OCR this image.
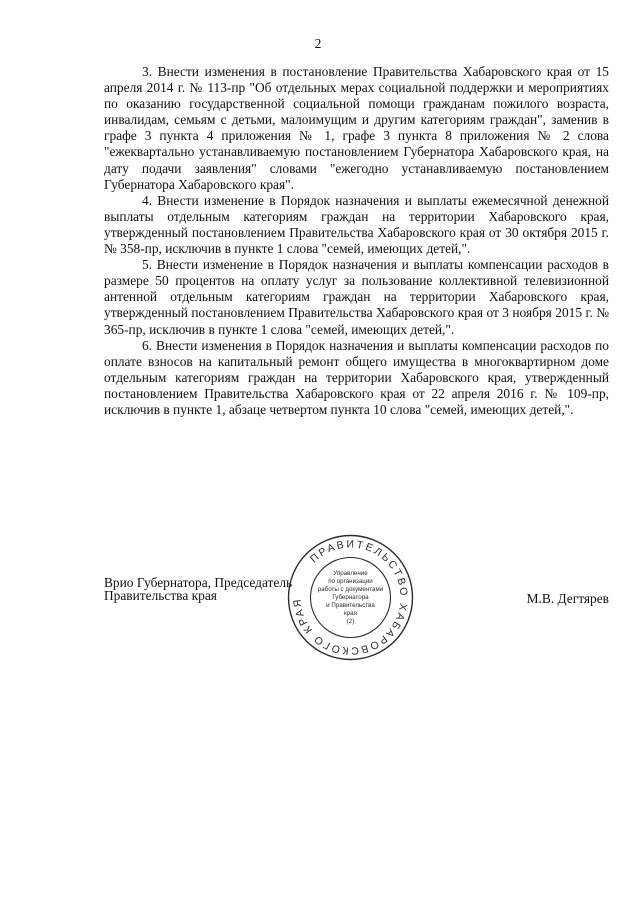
2

3. Внести изменения в постановление Правительства Хабаровского края от 15 апреля 2014 г. № 113-пр "Об отдельных мерах социальной поддержки и мероприятиях по оказанию государственной социальной помощи гражданам пожилого возраста, инвалидам, семьям с детьми, малоимущим и другим категориям граждан", заменив в графе 3 пункта 4 приложения № 1, графе 3 пункта 8 приложения № 2 слова "ежеквартально устанавливаемую постановлением Губернатора Хабаровского края, на дату подачи заявления" словами "ежегодно устанавливаемую постановлением Губернатора Хабаровского края".

4. Внести изменение в Порядок назначения и выплаты ежемесячной денежной выплаты отдельным категориям граждан на территории Хабаровского края, утвержденный постановлением Правительства Хабаровского края от 30 октября 2015 г. № 358-пр, исключив в пункте 1 слова "семей, имеющих детей,".

5. Внести изменение в Порядок назначения и выплаты компенсации расходов в размере 50 процентов на оплату услуг за пользование коллективной телевизионной антенной отдельным категориям граждан на территории Хабаровского края, утвержденный постановлением Правительства Хабаровского края от 3 ноября 2015 г. № 365-пр, исключив в пункте 1 слова "семей, имеющих детей,".

6. Внести изменения в Порядок назначения и выплаты компенсации расходов по оплате взносов на капитальный ремонт общего имущества в многоквартирном доме отдельным категориям граждан на территории Хабаровского края, утвержденный постановлением Правительства Хабаровского края от 22 апреля 2016 г. № 109-пр, исключив в пункте 1, абзаце четвертом пункта 10 слова "семей, имеющих детей,".

Врио Губернатора, Председатель
Правительства края	М.В. Дегтярев
ПРАВИТЕЛЬСТВО ХАБАРОВСКОГО КРАЯ
Управление
по организации
работы с документами
Губернатора
и Правительства
края
(2)
